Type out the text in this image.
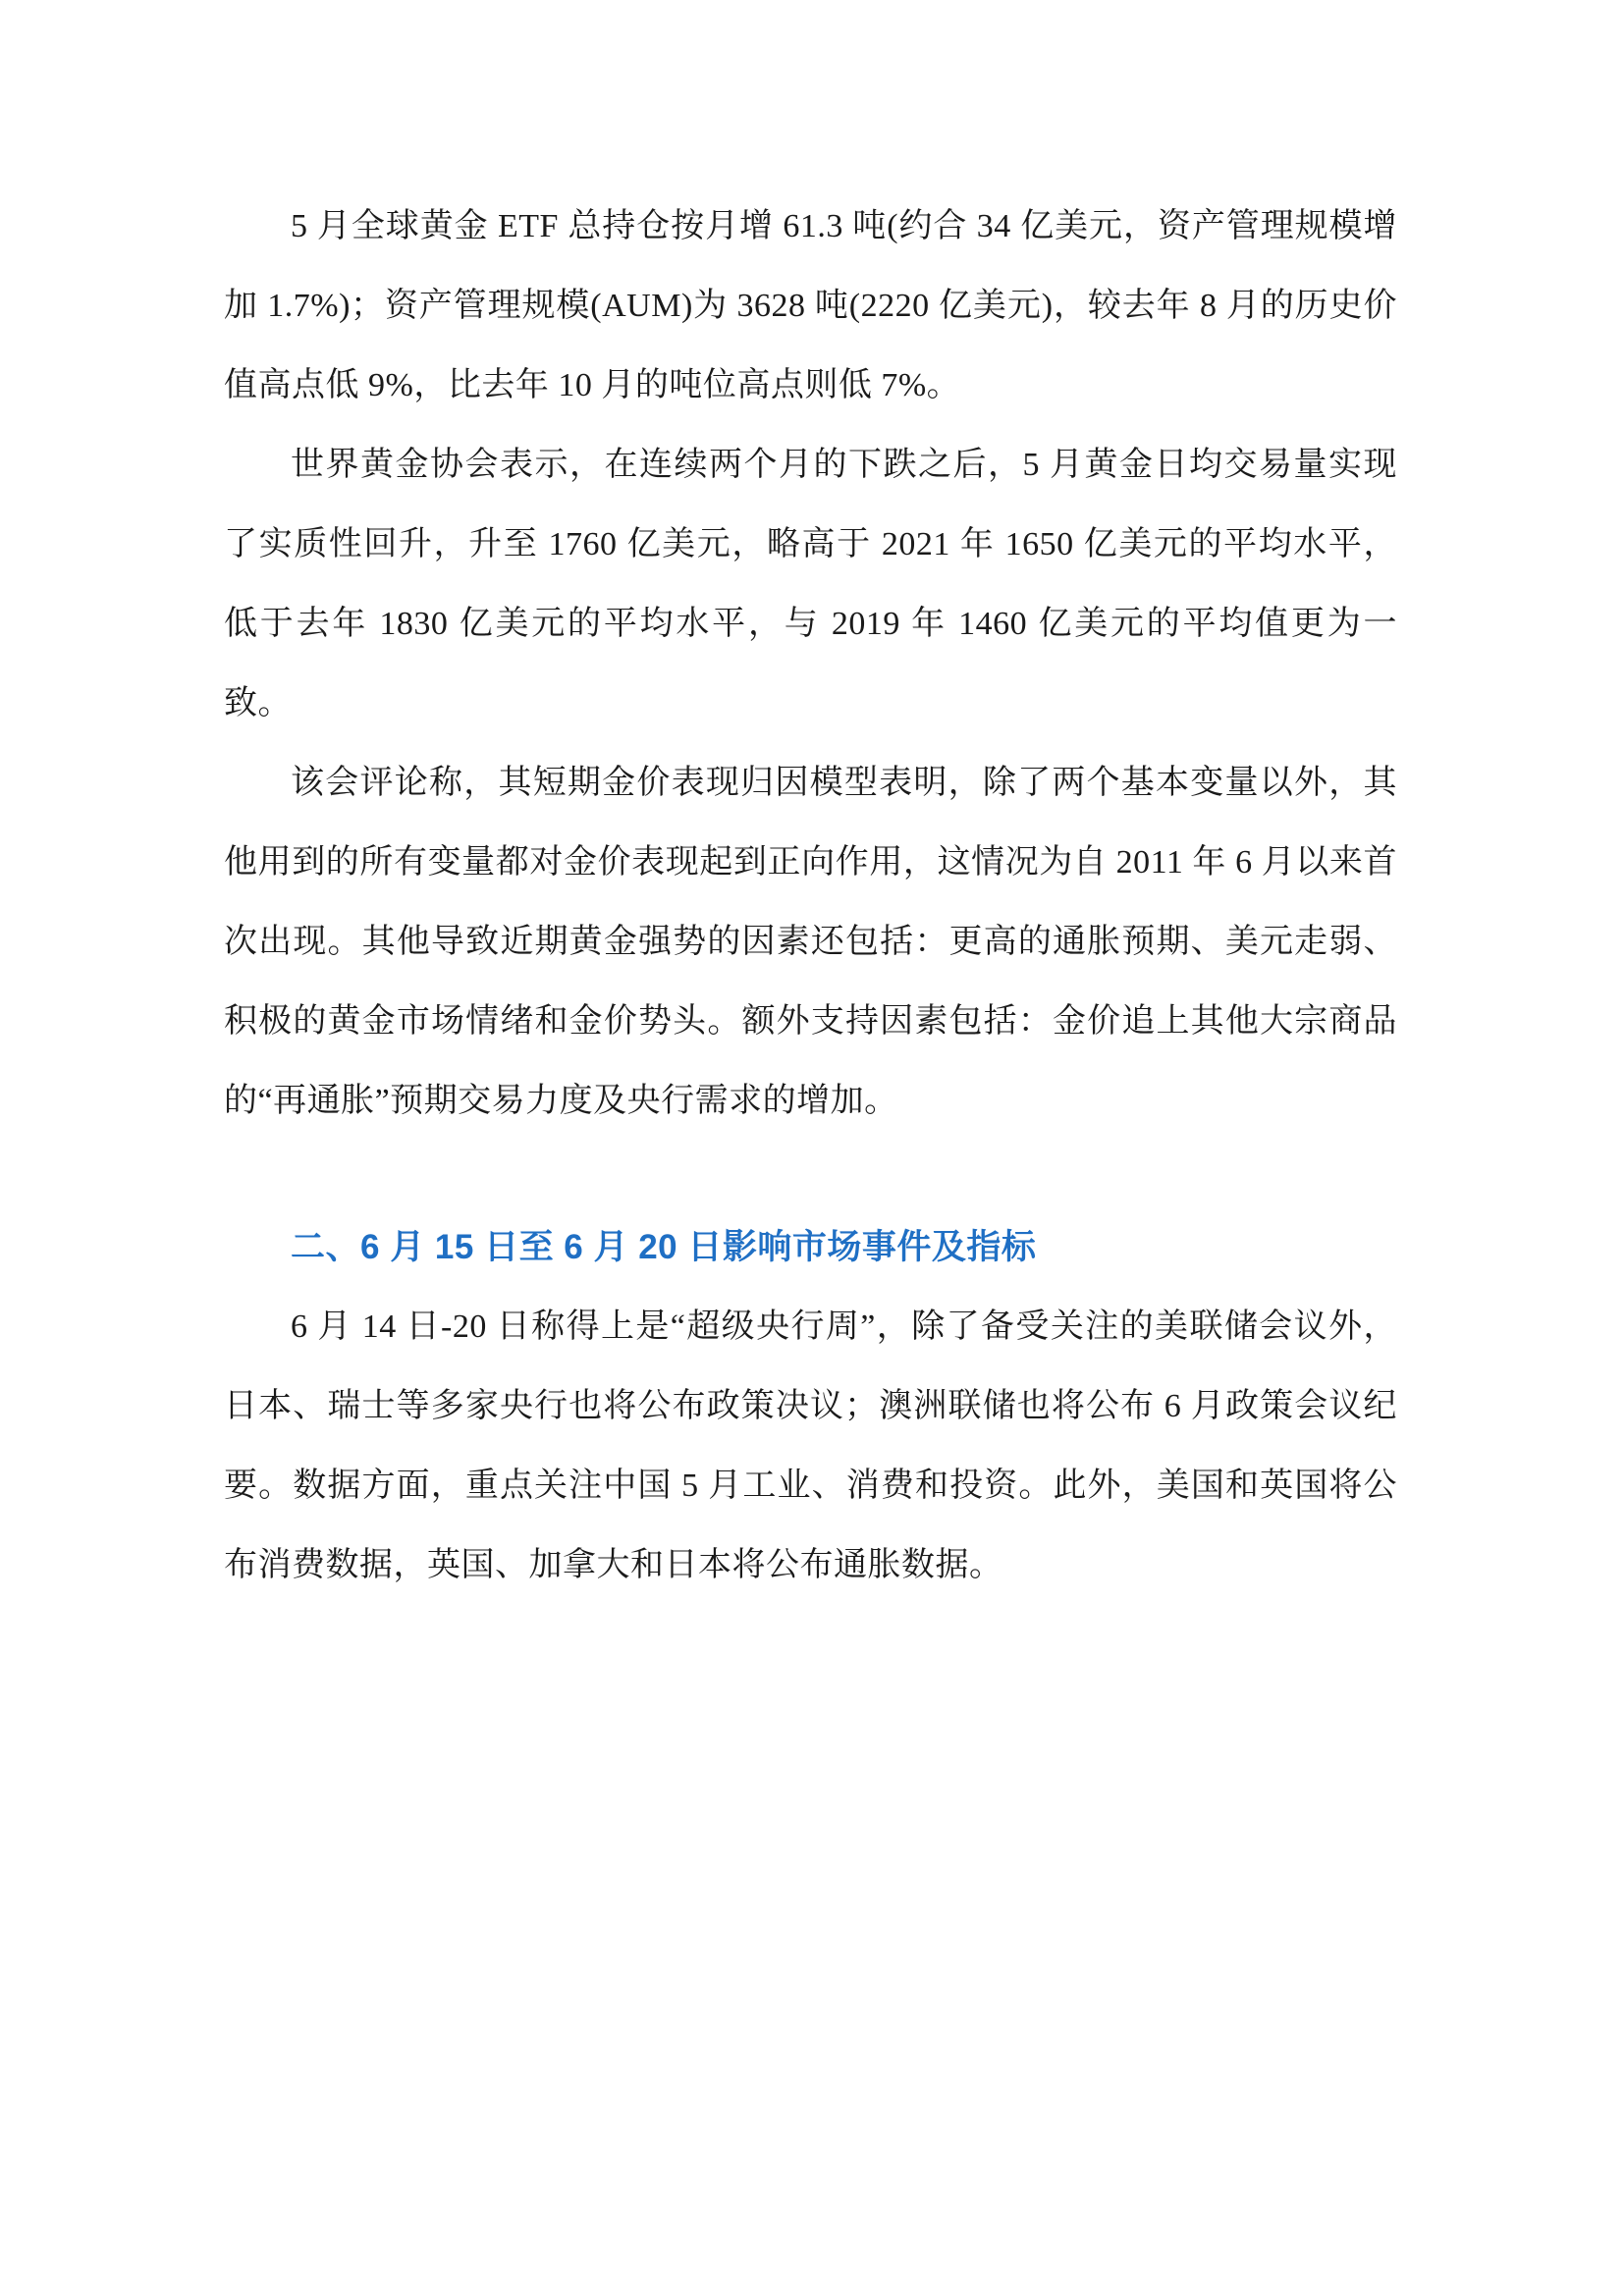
5 月全球黄金 ETF 总持仓按月增 61.3 吨(约合 34 亿美元，资产管理规模增加 1.7%)；资产管理规模(AUM)为 3628 吨(2220 亿美元)，较去年 8 月的历史价值高点低 9%，比去年 10 月的吨位高点则低 7%。

世界黄金协会表示，在连续两个月的下跌之后，5 月黄金日均交易量实现了实质性回升，升至 1760 亿美元，略高于 2021 年 1650 亿美元的平均水平，低于去年 1830 亿美元的平均水平，与 2019 年 1460 亿美元的平均值更为一致。

该会评论称，其短期金价表现归因模型表明，除了两个基本变量以外，其他用到的所有变量都对金价表现起到正向作用，这情况为自 2011 年 6 月以来首次出现。其他导致近期黄金强势的因素还包括：更高的通胀预期、美元走弱、积极的黄金市场情绪和金价势头。额外支持因素包括：金价追上其他大宗商品的“再通胀”预期交易力度及央行需求的增加。

二、6 月 15 日至 6 月 20 日影响市场事件及指标

6 月 14 日-20 日称得上是“超级央行周”，除了备受关注的美联储会议外，日本、瑞士等多家央行也将公布政策决议；澳洲联储也将公布 6 月政策会议纪要。数据方面，重点关注中国 5 月工业、消费和投资。此外，美国和英国将公布消费数据，英国、加拿大和日本将公布通胀数据。
